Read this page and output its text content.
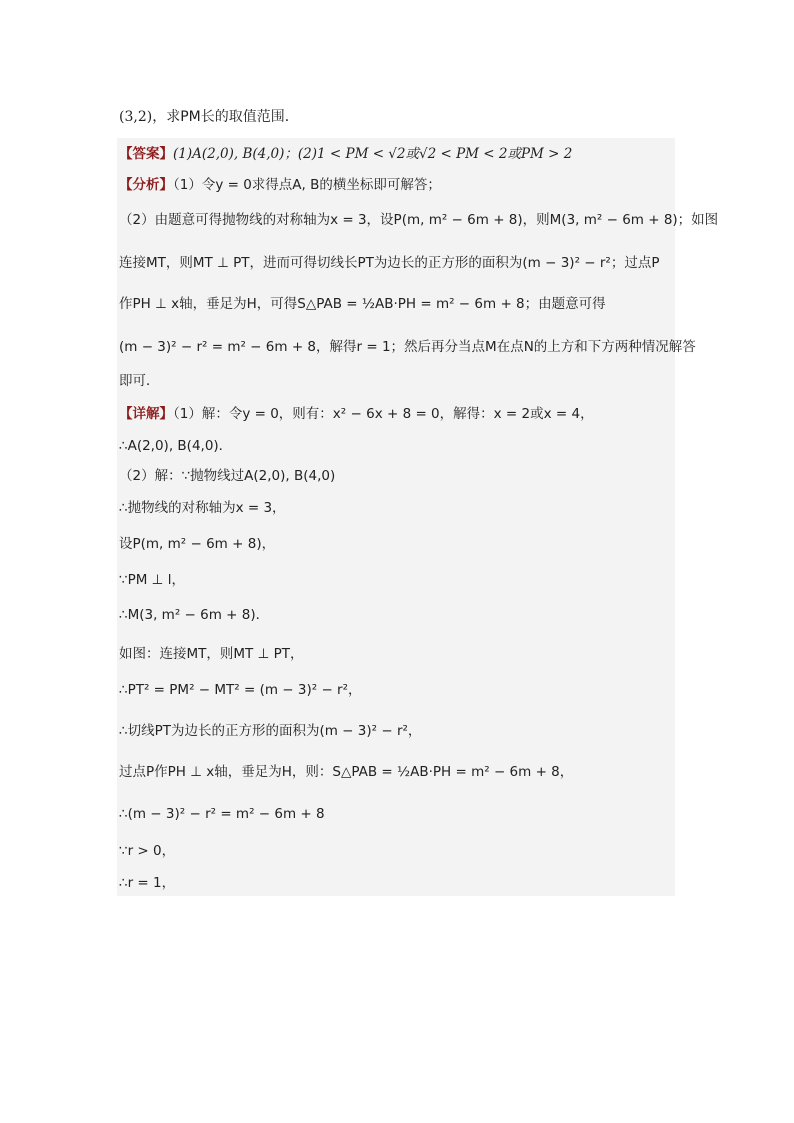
(3,2)，求PM长的取值范围．
【答案】(1)A(2,0), B(4,0)；(2)1 < PM < √2或√2 < PM < 2或PM > 2
【分析】（1）令y = 0求得点A, B的横坐标即可解答；
（2）由题意可得抛物线的对称轴为x = 3，设P(m, m² − 6m + 8)，则M(3, m² − 6m + 8)；如图
连接MT，则MT ⊥ PT，进而可得切线长PT为边长的正方形的面积为(m − 3)² − r²；过点P
作PH ⊥ x轴，垂足为H，可得S△PAB = ½AB·PH = m² − 6m + 8；由题意可得
(m − 3)² − r² = m² − 6m + 8，解得r = 1；然后再分当点M在点N的上方和下方两种情况解答
即可．
【详解】（1）解：令y = 0，则有：x² − 6x + 8 = 0，解得：x = 2或x = 4，
∴A(2,0), B(4,0)．
（2）解：∵抛物线过A(2,0), B(4,0)
∴抛物线的对称轴为x = 3，
设P(m, m² − 6m + 8)，
∵PM ⊥ l，
∴M(3, m² − 6m + 8)．
如图：连接MT，则MT ⊥ PT，
∴PT² = PM² − MT² = (m − 3)² − r²，
∴切线PT为边长的正方形的面积为(m − 3)² − r²，
过点P作PH ⊥ x轴，垂足为H，则：S△PAB = ½AB·PH = m² − 6m + 8，
∴(m − 3)² − r² = m² − 6m + 8
∵r > 0，
∴r = 1，
